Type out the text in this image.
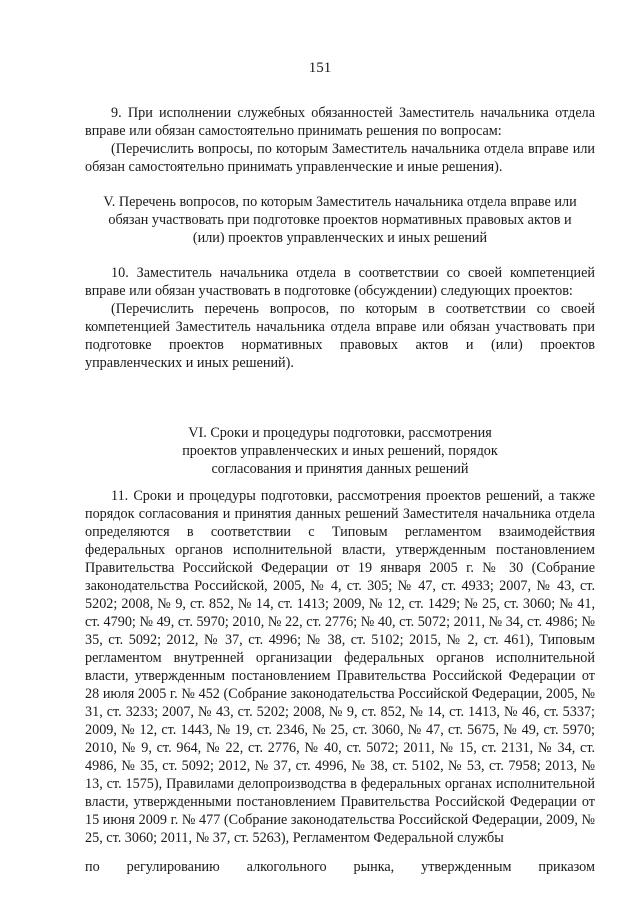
151

9. При исполнении служебных обязанностей Заместитель начальника отдела вправе или обязан самостоятельно принимать решения по вопросам:

(Перечислить вопросы, по которым Заместитель начальника отдела вправе или обязан самостоятельно принимать управленческие и иные решения).

V. Перечень вопросов, по которым Заместитель начальника отдела вправе или
обязан участвовать при подготовке проектов нормативных правовых актов и
(или) проектов управленческих и иных решений

10. Заместитель начальника отдела в соответствии со своей компетенцией вправе или обязан участвовать в подготовке (обсуждении) следующих проектов:

(Перечислить перечень вопросов, по которым в соответствии со своей компетенцией Заместитель начальника отдела вправе или обязан участвовать при подготовке проектов нормативных правовых актов и (или) проектов управленческих и иных решений).

VI. Сроки и процедуры подготовки, рассмотрения
проектов управленческих и иных решений, порядок
согласования и принятия данных решений

11. Сроки и процедуры подготовки, рассмотрения проектов решений, а также порядок согласования и принятия данных решений Заместителя начальника отдела определяются в соответствии с Типовым регламентом взаимодействия федеральных органов исполнительной власти, утвержденным постановлением Правительства Российской Федерации от 19 января 2005 г. № 30 (Собрание законодательства Российской, 2005, № 4, ст. 305; № 47, ст. 4933; 2007, № 43, ст. 5202; 2008, № 9, ст. 852, № 14, ст. 1413; 2009, № 12, ст. 1429; № 25, ст. 3060; № 41, ст. 4790; № 49, ст. 5970; 2010, № 22, ст. 2776; № 40, ст. 5072; 2011, № 34, ст. 4986; № 35, ст. 5092; 2012, № 37, ст. 4996; № 38, ст. 5102; 2015, № 2, ст. 461), Типовым регламентом внутренней организации федеральных органов исполнительной власти, утвержденным постановлением Правительства Российской Федерации от 28 июля 2005 г. № 452 (Собрание законодательства Российской Федерации, 2005, № 31, ст. 3233; 2007, № 43, ст. 5202; 2008, № 9, ст. 852, № 14, ст. 1413, № 46, ст. 5337; 2009, № 12, ст. 1443, № 19, ст. 2346, № 25, ст. 3060, № 47, ст. 5675, № 49, ст. 5970; 2010, № 9, ст. 964, № 22, ст. 2776, № 40, ст. 5072; 2011, № 15, ст. 2131, № 34, ст. 4986, № 35, ст. 5092; 2012, № 37, ст. 4996, № 38, ст. 5102, № 53, ст. 7958; 2013, № 13, ст. 1575), Правилами делопроизводства в федеральных органах исполнительной власти, утвержденными постановлением Правительства Российской Федерации от 15 июня 2009 г. № 477 (Собрание законодательства Российской Федерации, 2009, № 25, ст. 3060; 2011, № 37, ст. 5263), Регламентом Федеральной службы

по регулированию алкогольного рынка, утвержденным приказом
